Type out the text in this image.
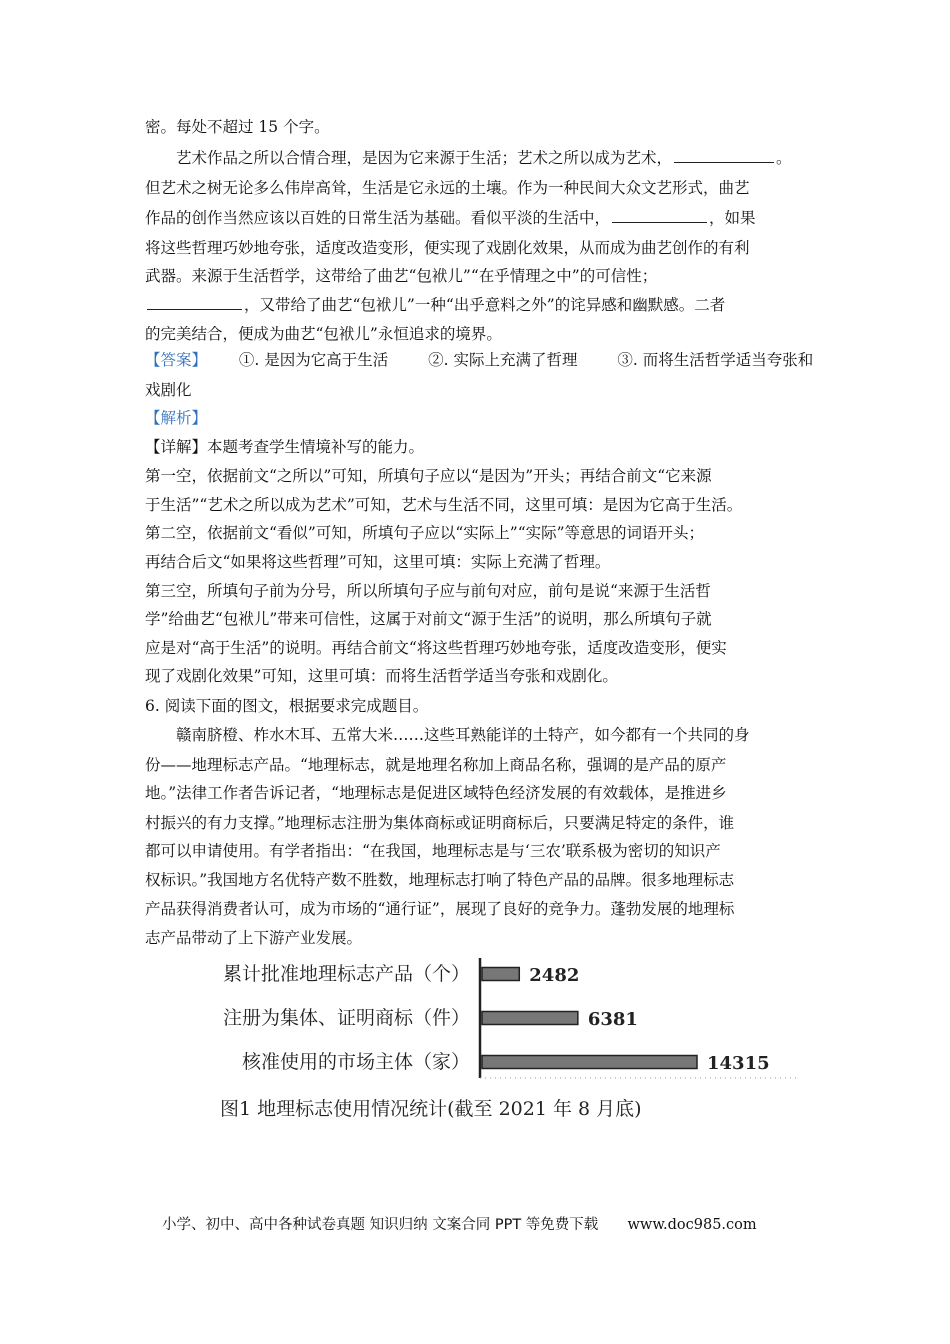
密。每处不超过 15 个字。
艺术作品之所以合情合理，是因为它来源于生活；艺术之所以成为艺术，	。
但艺术之树无论多么伟岸高耸，生活是它永远的土壤。作为一种民间大众文艺形式，曲艺
作品的创作当然应该以百姓的日常生活为基础。看似平淡的生活中，	，如果
将这些哲理巧妙地夸张，适度改造变形，便实现了戏剧化效果，从而成为曲艺创作的有利
武器。来源于生活哲学，这带给了曲艺“包袱儿”“在乎情理之中”的可信性；
，又带给了曲艺“包袱儿”一种“出乎意料之外”的诧异感和幽默感。二者
的完美结合，便成为曲艺“包袱儿”永恒追求的境界。
【答案】 ①. 是因为它高于生活	②. 实际上充满了哲理	③. 而将生活哲学适当夸张和
戏剧化
【解析】
【详解】本题考查学生情境补写的能力。
第一空，依据前文“之所以”可知，所填句子应以“是因为”开头；再结合前文“它来源
于生活”“艺术之所以成为艺术”可知，艺术与生活不同，这里可填：是因为它高于生活。
第二空，依据前文“看似”可知，所填句子应以“实际上”“实际”等意思的词语开头；
再结合后文“如果将这些哲理”可知，这里可填：实际上充满了哲理。
第三空，所填句子前为分号，所以所填句子应与前句对应，前句是说“来源于生活哲
学”给曲艺“包袱儿”带来可信性，这属于对前文“源于生活”的说明，那么所填句子就
应是对“高于生活”的说明。再结合前文“将这些哲理巧妙地夸张，适度改造变形，便实
现了戏剧化效果”可知，这里可填：而将生活哲学适当夸张和戏剧化。
6. 阅读下面的图文，根据要求完成题目。
赣南脐橙、柞水木耳、五常大米……这些耳熟能详的土特产，如今都有一个共同的身
份——地理标志产品。“地理标志，就是地理名称加上商品名称，强调的是产品的原产
地。”法律工作者告诉记者，“地理标志是促进区域特色经济发展的有效载体，是推进乡
村振兴的有力支撑。”地理标志注册为集体商标或证明商标后，只要满足特定的条件，谁
都可以申请使用。有学者指出：“在我国，地理标志是与‘三农’联系极为密切的知识产
权标识。”我国地方名优特产数不胜数，地理标志打响了特色产品的品牌。很多地理标志
产品获得消费者认可，成为市场的“通行证”，展现了良好的竞争力。蓬勃发展的地理标
志产品带动了上下游产业发展。
累计批准地理标志产品（个）
注册为集体、证明商标（件）
核准使用的市场主体（家）
2482
6381
14315
图1 地理标志使用情况统计(截至 2021 年 8 月底)
小学、初中、高中各种试卷真题 知识归纳 文案合同 PPT 等免费下载 www.doc985.com
